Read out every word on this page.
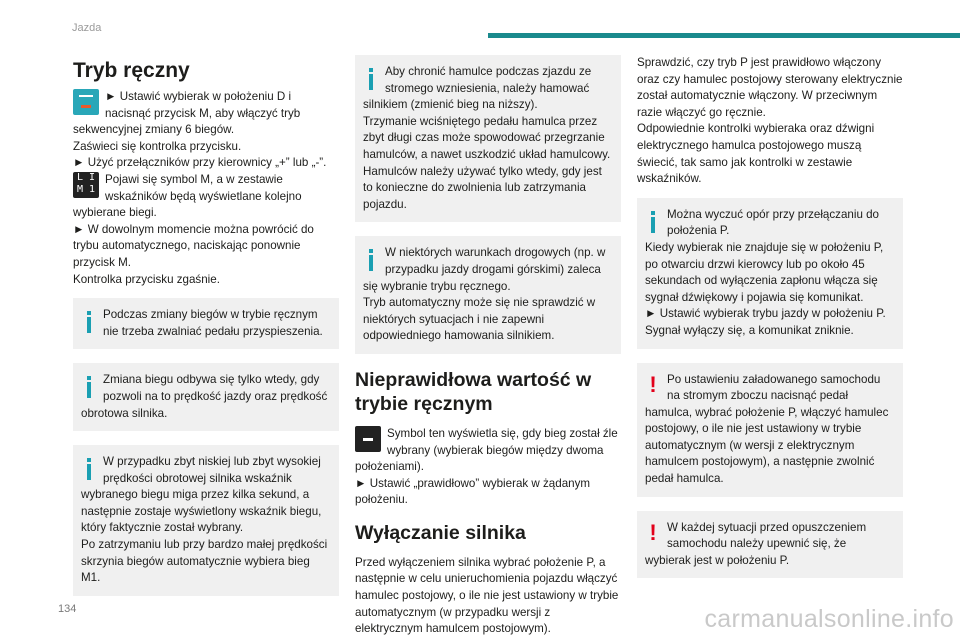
Jazda
Tryb ręczny

► Ustawić wybierak w położeniu D i nacisnąć przycisk M, aby włączyć tryb sekwencyjnej zmiany 6 biegów.

Zaświeci się kontrolka przycisku.

► Użyć przełączników przy kierownicy „+” lub „-”.

L I
M 1

Pojawi się symbol M, a w zestawie wskaźników będą wyświetlane kolejno wybierane biegi.

► W dowolnym momencie można powrócić do trybu automatycznego, naciskając ponownie przycisk M.

Kontrolka przycisku zgaśnie.

Podczas zmiany biegów w trybie ręcznym nie trzeba zwalniać pedału przyspieszenia.

Zmiana biegu odbywa się tylko wtedy, gdy pozwoli na to prędkość jazdy oraz prędkość obrotowa silnika.

W przypadku zbyt niskiej lub zbyt wysokiej prędkości obrotowej silnika wskaźnik wybranego biegu miga przez kilka sekund, a następnie zostaje wyświetlony wskaźnik biegu, który faktycznie został wybrany.

Po zatrzymaniu lub przy bardzo małej prędkości skrzynia biegów automatycznie wybiera bieg M1.

Aby chronić hamulce podczas zjazdu ze stromego wzniesienia, należy hamować silnikiem (zmienić bieg na niższy).

Trzymanie wciśniętego pedału hamulca przez zbyt długi czas może spowodować przegrzanie hamulców, a nawet uszkodzić układ hamulcowy.

Hamulców należy używać tylko wtedy, gdy jest to konieczne do zwolnienia lub zatrzymania pojazdu.

W niektórych warunkach drogowych (np. w przypadku jazdy drogami górskimi) zaleca się wybranie trybu ręcznego.

Tryb automatyczny może się nie sprawdzić w niektórych sytuacjach i nie zapewni odpowiedniego hamowania silnikiem.

Nieprawidłowa wartość w trybie ręcznym

Symbol ten wyświetla się, gdy bieg został źle wybrany (wybierak biegów między dwoma położeniami).

► Ustawić „prawidłowo” wybierak w żądanym położeniu.

Wyłączanie silnika

Przed wyłączeniem silnika wybrać położenie P, a następnie w celu unieruchomienia pojazdu włączyć hamulec postojowy, o ile nie jest ustawiony w trybie automatycznym (w przypadku wersji z elektrycznym hamulcem postojowym).

Sprawdzić, czy tryb P jest prawidłowo włączony oraz czy hamulec postojowy sterowany elektrycznie został automatycznie włączony. W przeciwnym razie włączyć go ręcznie.

Odpowiednie kontrolki wybieraka oraz dźwigni elektrycznego hamulca postojowego muszą świecić, tak samo jak kontrolki w zestawie wskaźników.

Można wyczuć opór przy przełączaniu do położenia P.

Kiedy wybierak nie znajduje się w położeniu P, po otwarciu drzwi kierowcy lub po około 45 sekundach od wyłączenia zapłonu włącza się sygnał dźwiękowy i pojawia się komunikat.

► Ustawić wybierak trybu jazdy w położeniu P.

Sygnał wyłączy się, a komunikat zniknie.

! Po ustawieniu załadowanego samochodu na stromym zboczu nacisnąć pedał hamulca, wybrać położenie P, włączyć hamulec postojowy, o ile nie jest ustawiony w trybie automatycznym (w wersji z elektrycznym hamulcem postojowym), a następnie zwolnić pedał hamulca.

! W każdej sytuacji przed opuszczeniem samochodu należy upewnić się, że wybierak jest w położeniu P.

134	carmanualsonline.info
